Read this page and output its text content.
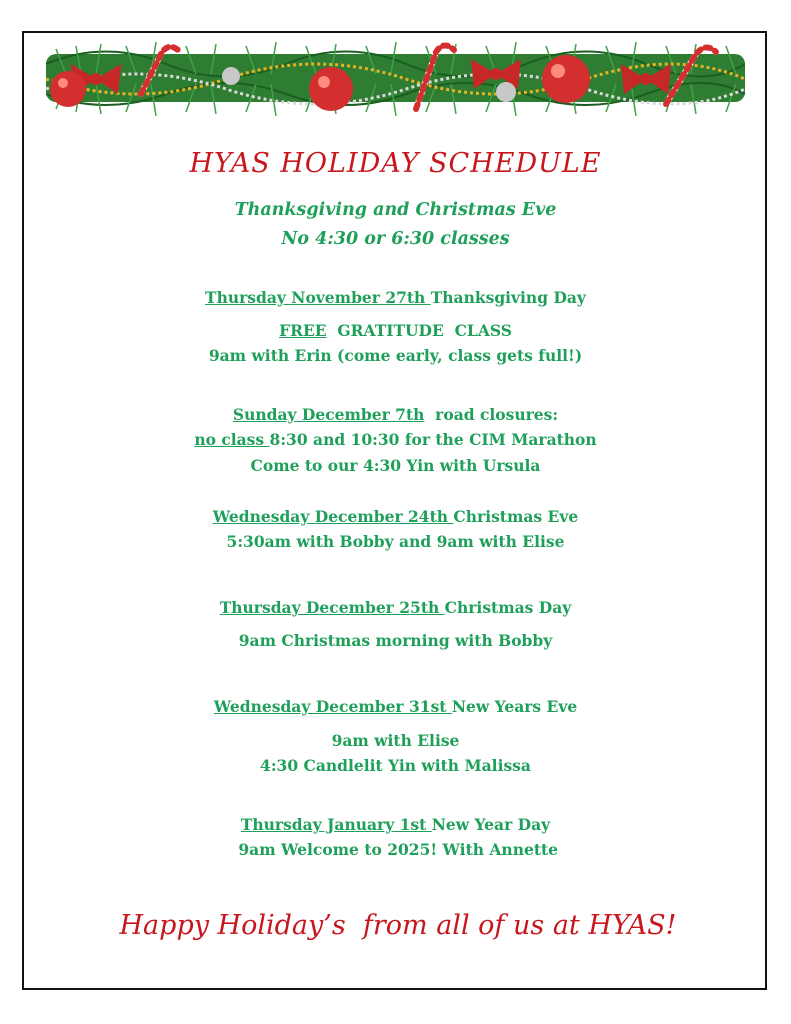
HYAS HOLIDAY SCHEDULE
Thanksgiving and Christmas Eve
No 4:30 or 6:30 classes
Thursday November 27th Thanksgiving Day
FREE  GRATITUDE  CLASS
9am with Erin (come early, class gets full!)
Sunday December 7th  road closures:
no class 8:30 and 10:30 for the CIM Marathon
Come to our 4:30 Yin with Ursula
Wednesday December 24th Christmas Eve
5:30am with Bobby and 9am with Elise
Thursday December 25th Christmas Day
9am Christmas morning with Bobby
Wednesday December 31st New Years Eve
9am with Elise
4:30 Candlelit Yin with Malissa
Thursday January 1st New Year Day
9am Welcome to 2025! With Annette
Happy Holiday’s  from all of us at HYAS!
